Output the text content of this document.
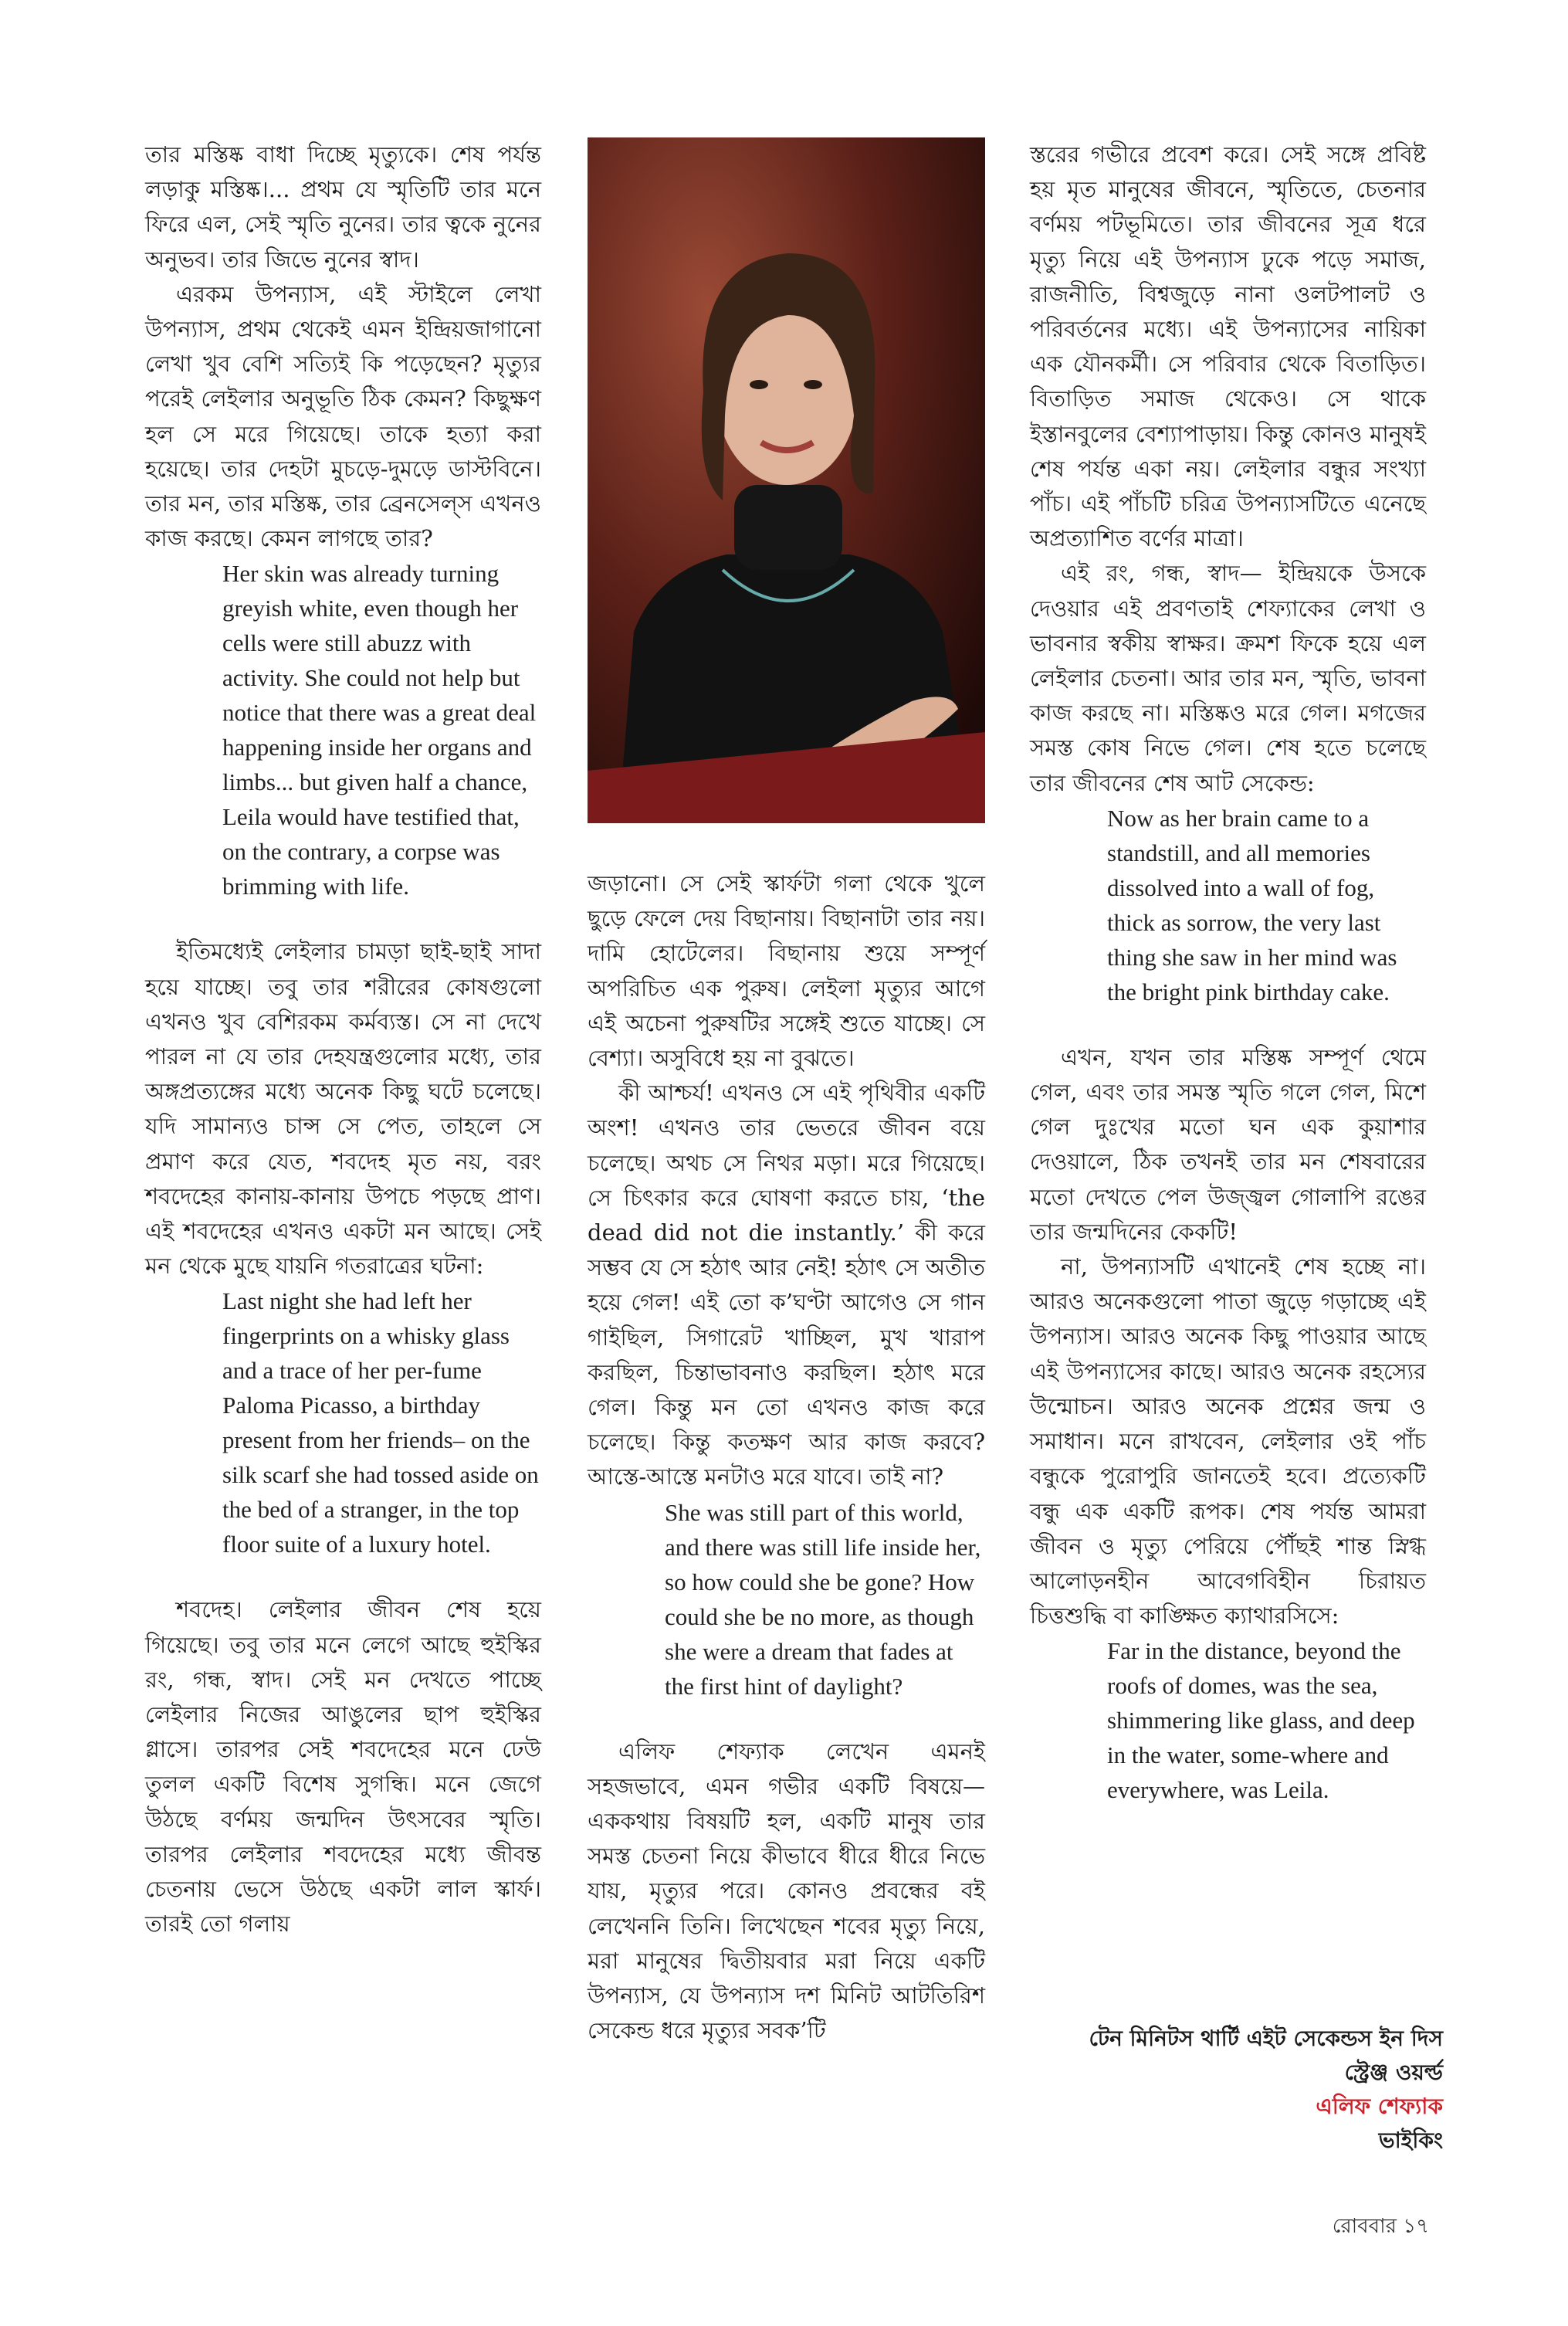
তার মস্তিষ্ক বাধা দিচ্ছে মৃত্যুকে। শেষ পর্যন্ত লড়াকু মস্তিষ্ক।... প্রথম যে স্মৃতিটি তার মনে ফিরে এল, সেই স্মৃতি নুনের। তার ত্বকে নুনের অনুভব। তার জিভে নুনের স্বাদ।

এরকম উপন্যাস, এই স্টাইলে লেখা উপন্যাস, প্রথম থেকেই এমন ইন্দ্রিয়জাগানো লেখা খুব বেশি সত্যিই কি পড়েছেন? মৃত্যুর পরেই লেইলার অনুভূতি ঠিক কেমন? কিছুক্ষণ হল সে মরে গিয়েছে। তাকে হত্যা করা হয়েছে। তার দেহটা মুচড়ে-দুমড়ে ডাস্টবিনে। তার মন, তার মস্তিষ্ক, তার ব্রেনসেল্‌স এখনও কাজ করছে। কেমন লাগছে তার?

Her skin was already turning greyish white, even though her cells were still abuzz with activity. She could not help but notice that there was a great deal happening inside her organs and limbs... but given half a chance, Leila would have testified that, on the contrary, a corpse was brimming with life.

ইতিমধ্যেই লেইলার চামড়া ছাই-ছাই সাদা হয়ে যাচ্ছে। তবু তার শরীরের কোষগুলো এখনও খুব বেশিরকম কর্মব্যস্ত। সে না দেখে পারল না যে তার দেহযন্ত্রগুলোর মধ্যে, তার অঙ্গপ্রত্যঙ্গের মধ্যে অনেক কিছু ঘটে চলেছে। যদি সামান্যও চান্স সে পেত, তাহলে সে প্রমাণ করে যেত, শবদেহ মৃত নয়, বরং শবদেহের কানায়-কানায় উপচে পড়ছে প্রাণ। এই শবদেহের এখনও একটা মন আছে। সেই মন থেকে মুছে যায়নি গতরাত্রের ঘটনা:

Last night she had left her fingerprints on a whisky glass and a trace of her per-fume Paloma Picasso, a birthday present from her friends– on the silk scarf she had tossed aside on the bed of a stranger, in the top floor suite of a luxury hotel.

শবদেহ। লেইলার জীবন শেষ হয়ে গিয়েছে। তবু তার মনে লেগে আছে হুইস্কির রং, গন্ধ, স্বাদ। সেই মন দেখতে পাচ্ছে লেইলার নিজের আঙুলের ছাপ হুইস্কির গ্লাসে। তারপর সেই শবদেহের মনে ঢেউ তুলল একটি বিশেষ সুগন্ধি। মনে জেগে উঠছে বর্ণময় জন্মদিন উৎসবের স্মৃতি। তারপর লেইলার শবদেহের মধ্যে জীবন্ত চেতনায় ভেসে উঠছে একটা লাল স্কার্ফ। তারই তো গলায়

জড়ানো। সে সেই স্কার্ফটা গলা থেকে খুলে ছুড়ে ফেলে দেয় বিছানায়। বিছানাটা তার নয়। দামি হোটেলের। বিছানায় শুয়ে সম্পূর্ণ অপরিচিত এক পুরুষ। লেইলা মৃত্যুর আগে এই অচেনা পুরুষটির সঙ্গেই শুতে যাচ্ছে। সে বেশ্যা। অসুবিধে হয় না বুঝতে।

কী আশ্চর্য! এখনও সে এই পৃথিবীর একটি অংশ! এখনও তার ভেতরে জীবন বয়ে চলেছে। অথচ সে নিথর মড়া। মরে গিয়েছে। সে চিৎকার করে ঘোষণা করতে চায়, ‘the dead did not die instantly.’ কী করে সম্ভব যে সে হঠাৎ আর নেই! হঠাৎ সে অতীত হয়ে গেল! এই তো ক’ঘণ্টা আগেও সে গান গাইছিল, সিগারেট খাচ্ছিল, মুখ খারাপ করছিল, চিন্তাভাবনাও করছিল। হঠাৎ মরে গেল। কিন্তু মন তো এখনও কাজ করে চলেছে। কিন্তু কতক্ষণ আর কাজ করবে? আস্তে-আস্তে মনটাও মরে যাবে। তাই না?

She was still part of this world, and there was still life inside her, so how could she be gone? How could she be no more, as though she were a dream that fades at the first hint of daylight?

এলিফ শেফ্যাক লেখেন এমনই সহজভাবে, এমন গভীর একটি বিষয়ে— এককথায় বিষয়টি হল, একটি মানুষ তার সমস্ত চেতনা নিয়ে কীভাবে ধীরে ধীরে নিভে যায়, মৃত্যুর পরে। কোনও প্রবন্ধের বই লেখেননি তিনি। লিখেছেন শবের মৃত্যু নিয়ে, মরা মানুষের দ্বিতীয়বার মরা নিয়ে একটি উপন্যাস, যে উপন্যাস দশ মিনিট আটতিরিশ সেকেন্ড ধরে মৃত্যুর সবক’টি

স্তরের গভীরে প্রবেশ করে। সেই সঙ্গে প্রবিষ্ট হয় মৃত মানুষের জীবনে, স্মৃতিতে, চেতনার বর্ণময় পটভূমিতে। তার জীবনের সূত্র ধরে মৃত্যু নিয়ে এই উপন্যাস ঢুকে পড়ে সমাজ, রাজনীতি, বিশ্বজুড়ে নানা ওলটপালট ও পরিবর্তনের মধ্যে। এই উপন্যাসের নায়িকা এক যৌনকর্মী। সে পরিবার থেকে বিতাড়িত। বিতাড়িত সমাজ থেকেও। সে থাকে ইস্তানবুলের বেশ্যাপাড়ায়। কিন্তু কোনও মানুষই শেষ পর্যন্ত একা নয়। লেইলার বন্ধুর সংখ্যা পাঁচ। এই পাঁচটি চরিত্র উপন্যাসটিতে এনেছে অপ্রত্যাশিত বর্ণের মাত্রা।

এই রং, গন্ধ, স্বাদ— ইন্দ্রিয়কে উসকে দেওয়ার এই প্রবণতাই শেফ্যাকের লেখা ও ভাবনার স্বকীয় স্বাক্ষর। ক্রমশ ফিকে হয়ে এল লেইলার চেতনা। আর তার মন, স্মৃতি, ভাবনা কাজ করছে না। মস্তিষ্কও মরে গেল। মগজের সমস্ত কোষ নিভে গেল। শেষ হতে চলেছে তার জীবনের শেষ আট সেকেন্ড:

Now as her brain came to a standstill, and all memories dissolved into a wall of fog, thick as sorrow, the very last thing she saw in her mind was the bright pink birthday cake.

এখন, যখন তার মস্তিষ্ক সম্পূর্ণ থেমে গেল, এবং তার সমস্ত স্মৃতি গলে গেল, মিশে গেল দুঃখের মতো ঘন এক কুয়াশার দেওয়ালে, ঠিক তখনই তার মন শেষবারের মতো দেখতে পেল উজ্জ্বল গোলাপি রঙের তার জন্মদিনের কেকটি!

না, উপন্যাসটি এখানেই শেষ হচ্ছে না। আরও অনেকগুলো পাতা জুড়ে গড়াচ্ছে এই উপন্যাস। আরও অনেক কিছু পাওয়ার আছে এই উপন্যাসের কাছে। আরও অনেক রহস্যের উন্মোচন। আরও অনেক প্রশ্নের জন্ম ও সমাধান। মনে রাখবেন, লেইলার ওই পাঁচ বন্ধুকে পুরোপুরি জানতেই হবে। প্রত্যেকটি বন্ধু এক একটি রূপক। শেষ পর্যন্ত আমরা জীবন ও মৃত্যু পেরিয়ে পৌঁছই শান্ত স্নিগ্ধ আলোড়নহীন আবেগবিহীন চিরায়ত চিত্তশুদ্ধি বা কাঙ্ক্ষিত ক্যাথারসিসে:

Far in the distance, beyond the roofs of domes, was the sea, shimmering like glass, and deep in the water, some-where and everywhere, was Leila.

টেন মিনিটস থার্টি এইট সেকেন্ডস ইন দিস
স্ট্রেঞ্জ ওয়র্ল্ড
এলিফ শেফ্যাক
ভাইকিং
রোববার ১৭
